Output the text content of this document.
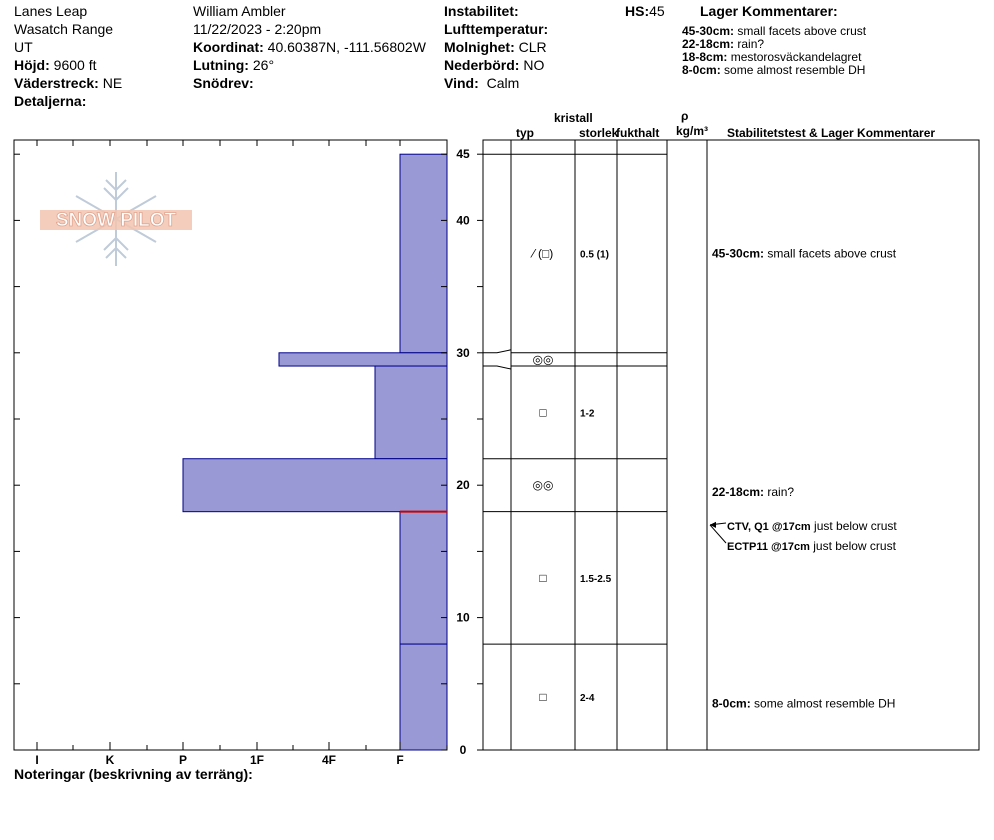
Lanes Leap
Wasatch Range
UT
Höjd: 9600 ft
Väderstreck: NE
Detaljerna:
William Ambler
11/22/2023 - 2:20pm
Koordinat: 40.60387N, -111.56802W
Lutning: 26°
Snödrev:
Instabilitet:
Lufttemperatur:
Molnighet: CLR
Nederbörd: NO
Vind: Calm
HS:45	Lager Kommentarer:
45-30cm: small facets above crust
22-18cm: rain?
18-8cm: mestorosväckandelagret
8-0cm: some almost resemble DH
kristall
typ	storlek
fukthalt
ρ
kg/m³ Stabilitetstest & Lager Kommentarer
SNOW PILOT
I	K	P	1F	4F	F
0
10
20
30
40
45
⁄ (□)	0.5 (1)
◎◎
□	1-2
◎◎
□	1.5-2.5
□	2-4
45-30cm: small facets above crust
22-18cm: rain?
8-0cm: some almost resemble DH
CTV, Q1 @17cm just below crust
ECTP11 @17cm just below crust
Noteringar (beskrivning av terräng):
